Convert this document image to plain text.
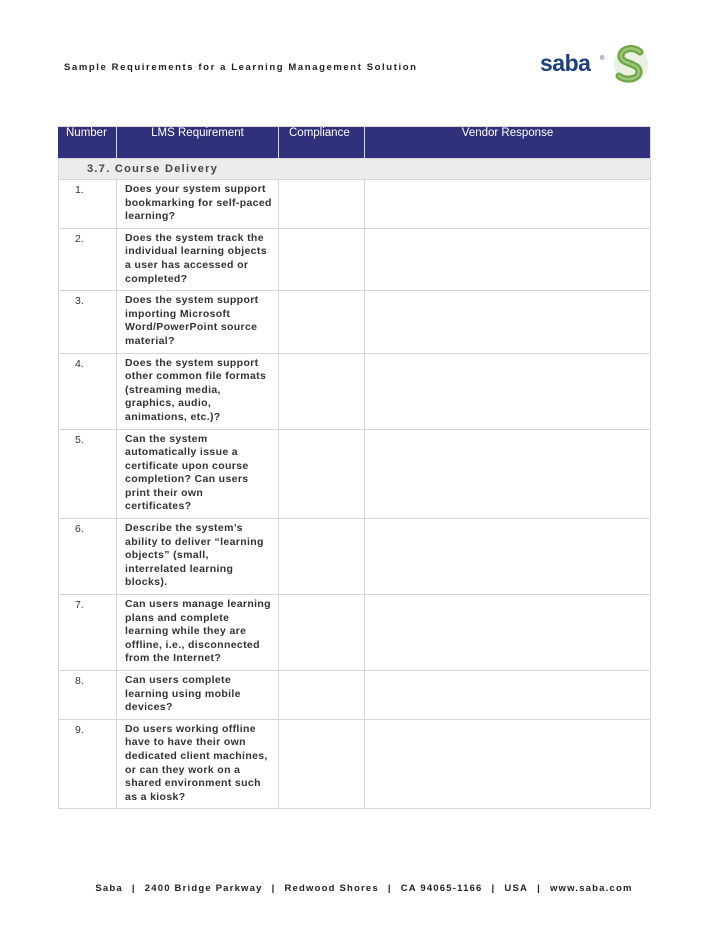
Sample Requirements for a Learning Management Solution	saba ®
Number	LMS Requirement	Compliance	Vendor Response
3.7. Course Delivery			
1.	Does your system support bookmarking for self-paced learning?		
2.	Does the system track the individual learning objects a user has accessed or completed?		
3.	Does the system support importing Microsoft Word/PowerPoint source material?		
4.	Does the system support other common file formats (streaming media, graphics, audio, animations, etc.)?		
5.	Can the system automatically issue a certificate upon course completion? Can users print their own certificates?		
6.	Describe the system’s ability to deliver “learning objects” (small, interrelated learning blocks).		
7.	Can users manage learning plans and complete learning while they are offline, i.e., disconnected from the Internet?		
8.	Can users complete learning using mobile devices?		
9.	Do users working offline have to have their own dedicated client machines, or can they work on a shared environment such as a kiosk?		
Saba | 2400 Bridge Parkway | Redwood Shores | CA 94065-1166 | USA | www.saba.com
